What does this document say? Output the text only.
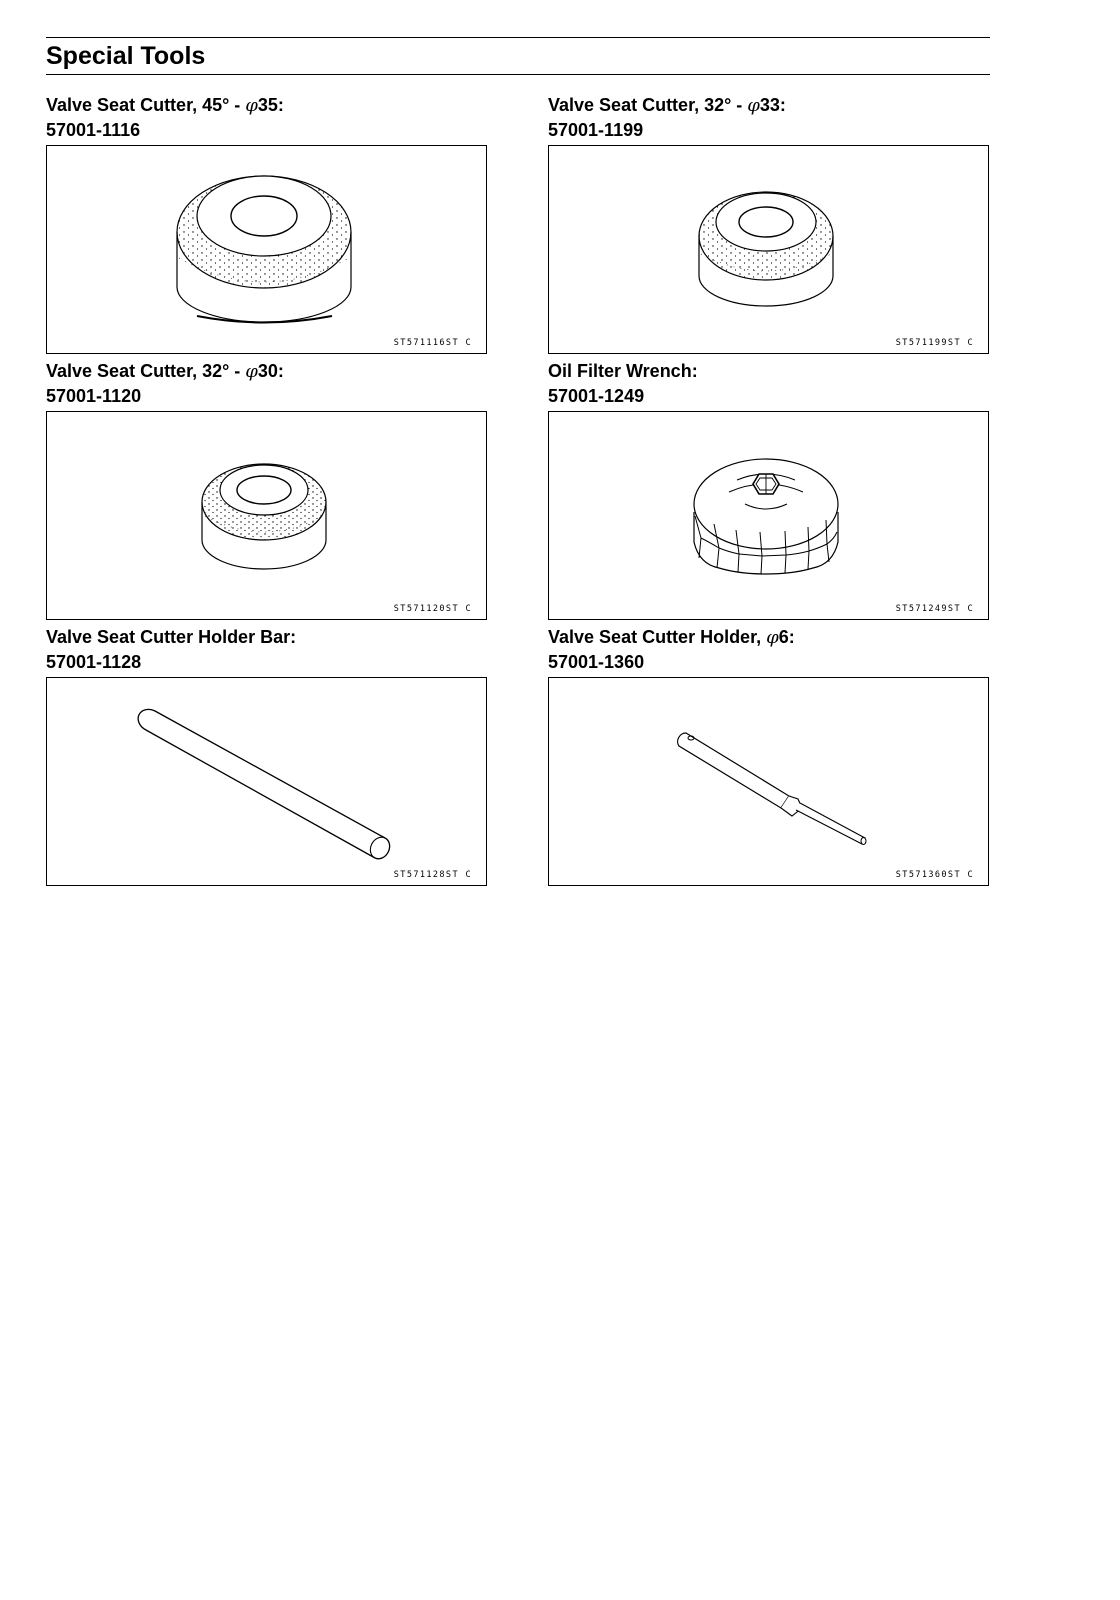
Special Tools
Valve Seat Cutter, 45° - φ35:
57001-1116
ST571116ST C
Valve Seat Cutter, 32° - φ33:
57001-1199
ST571199ST C
Valve Seat Cutter, 32° - φ30:
57001-1120
ST571120ST C
Oil Filter Wrench:
57001-1249
ST571249ST C
Valve Seat Cutter Holder Bar:
57001-1128
ST571128ST C
Valve Seat Cutter Holder, φ6:
57001-1360
ST571360ST C
